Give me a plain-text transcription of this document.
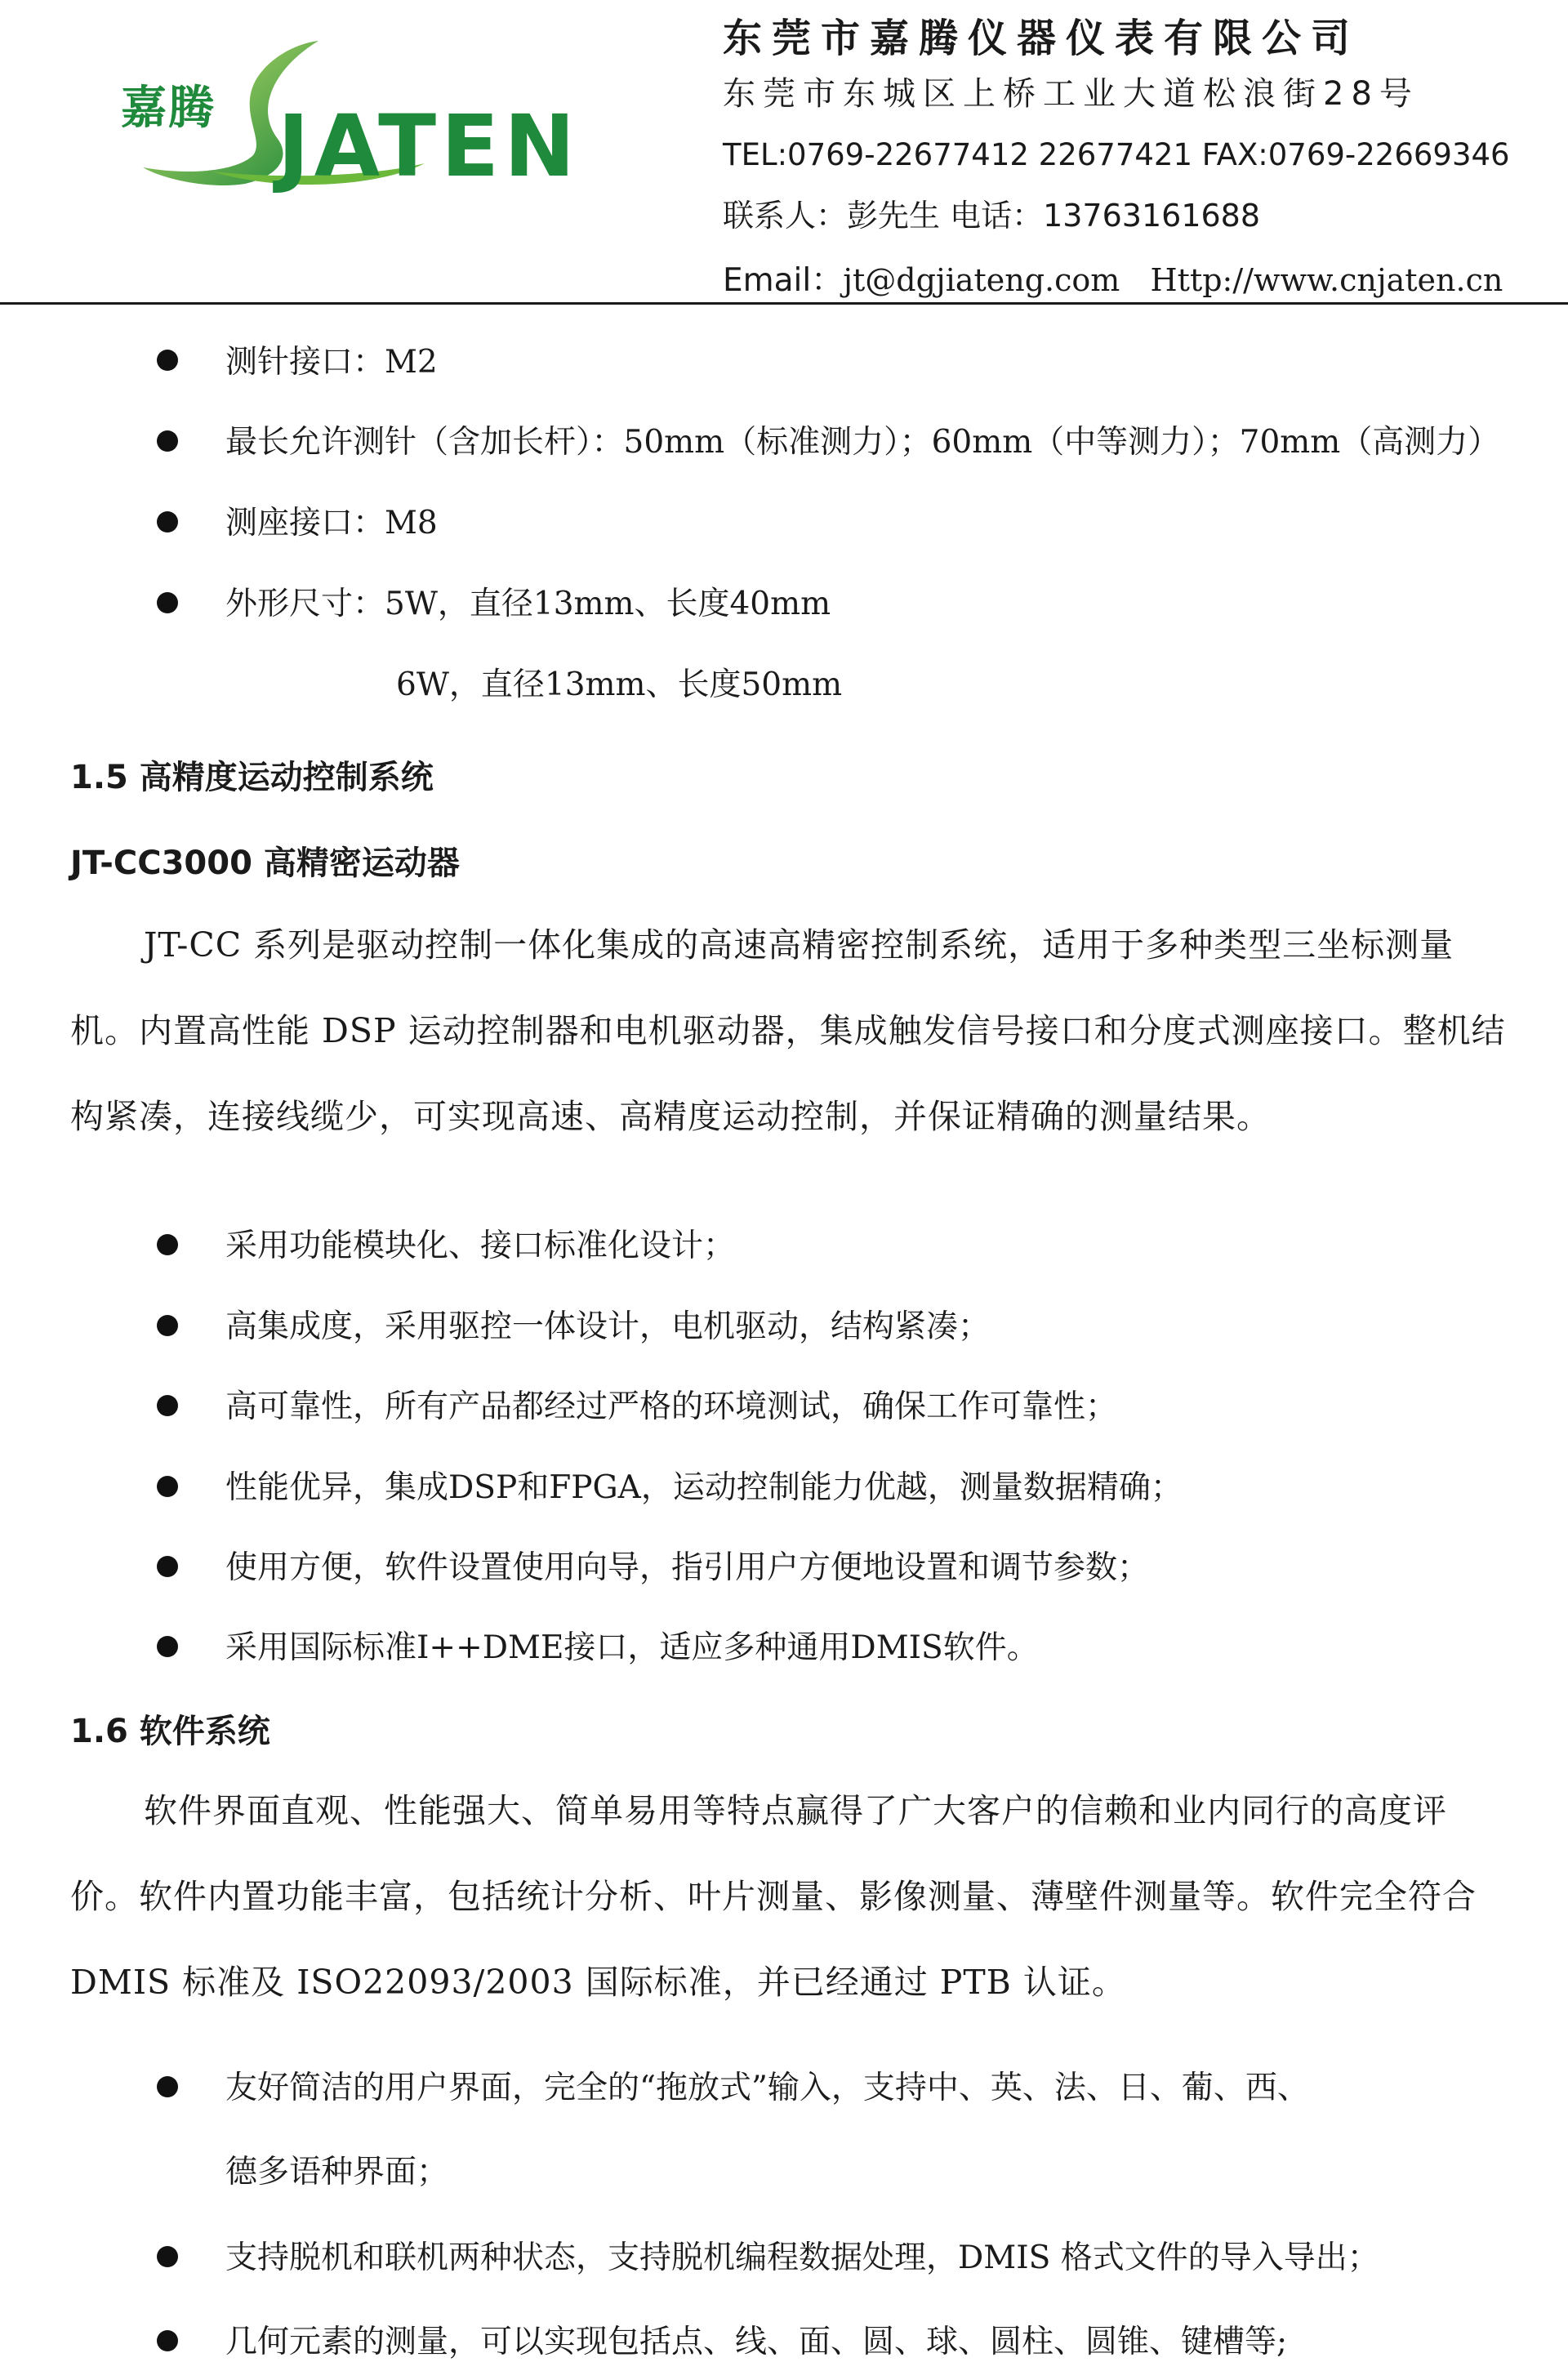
嘉腾 JATEN
东莞市嘉腾仪器仪表有限公司
东莞市东城区上桥工业大道松浪街28号
TEL:0769-22677412 22677421 FAX:0769-22669346
联系人：彭先生 电话：13763161688
Email：jt@dgjiateng.com Http://www.cnjaten.cn
测针接口：M2
最长允许测针（含加长杆）：50mm（标准测力）；60mm（中等测力）；70mm（高测力）
测座接口：M8
外形尺寸：5W，直径13mm、长度40mm
6W，直径13mm、长度50mm
1.5 高精度运动控制系统
JT-CC3000 高精密运动器
JT-CC 系列是驱动控制一体化集成的高速高精密控制系统，适用于多种类型三坐标测量机。内置高性能 DSP 运动控制器和电机驱动器，集成触发信号接口和分度式测座接口。整机结构紧凑，连接线缆少，可实现高速、高精度运动控制，并保证精确的测量结果。
采用功能模块化、接口标准化设计；
高集成度，采用驱控一体设计，电机驱动，结构紧凑；
高可靠性，所有产品都经过严格的环境测试，确保工作可靠性；
性能优异，集成DSP和FPGA，运动控制能力优越，测量数据精确；
使用方便，软件设置使用向导，指引用户方便地设置和调节参数；
采用国际标准I++DME接口，适应多种通用DMIS软件。
1.6 软件系统
软件界面直观、性能强大、简单易用等特点赢得了广大客户的信赖和业内同行的高度评价。软件内置功能丰富，包括统计分析、叶片测量、影像测量、薄壁件测量等。软件完全符合 DMIS 标准及 ISO22093/2003 国际标准，并已经通过 PTB 认证。
友好简洁的用户界面，完全的“拖放式”输入，支持中、英、法、日、葡、西、
德多语种界面；
支持脱机和联机两种状态，支持脱机编程数据处理，DMIS 格式文件的导入导出；
几何元素的测量，可以实现包括点、线、面、圆、球、圆柱、圆锥、键槽等;
